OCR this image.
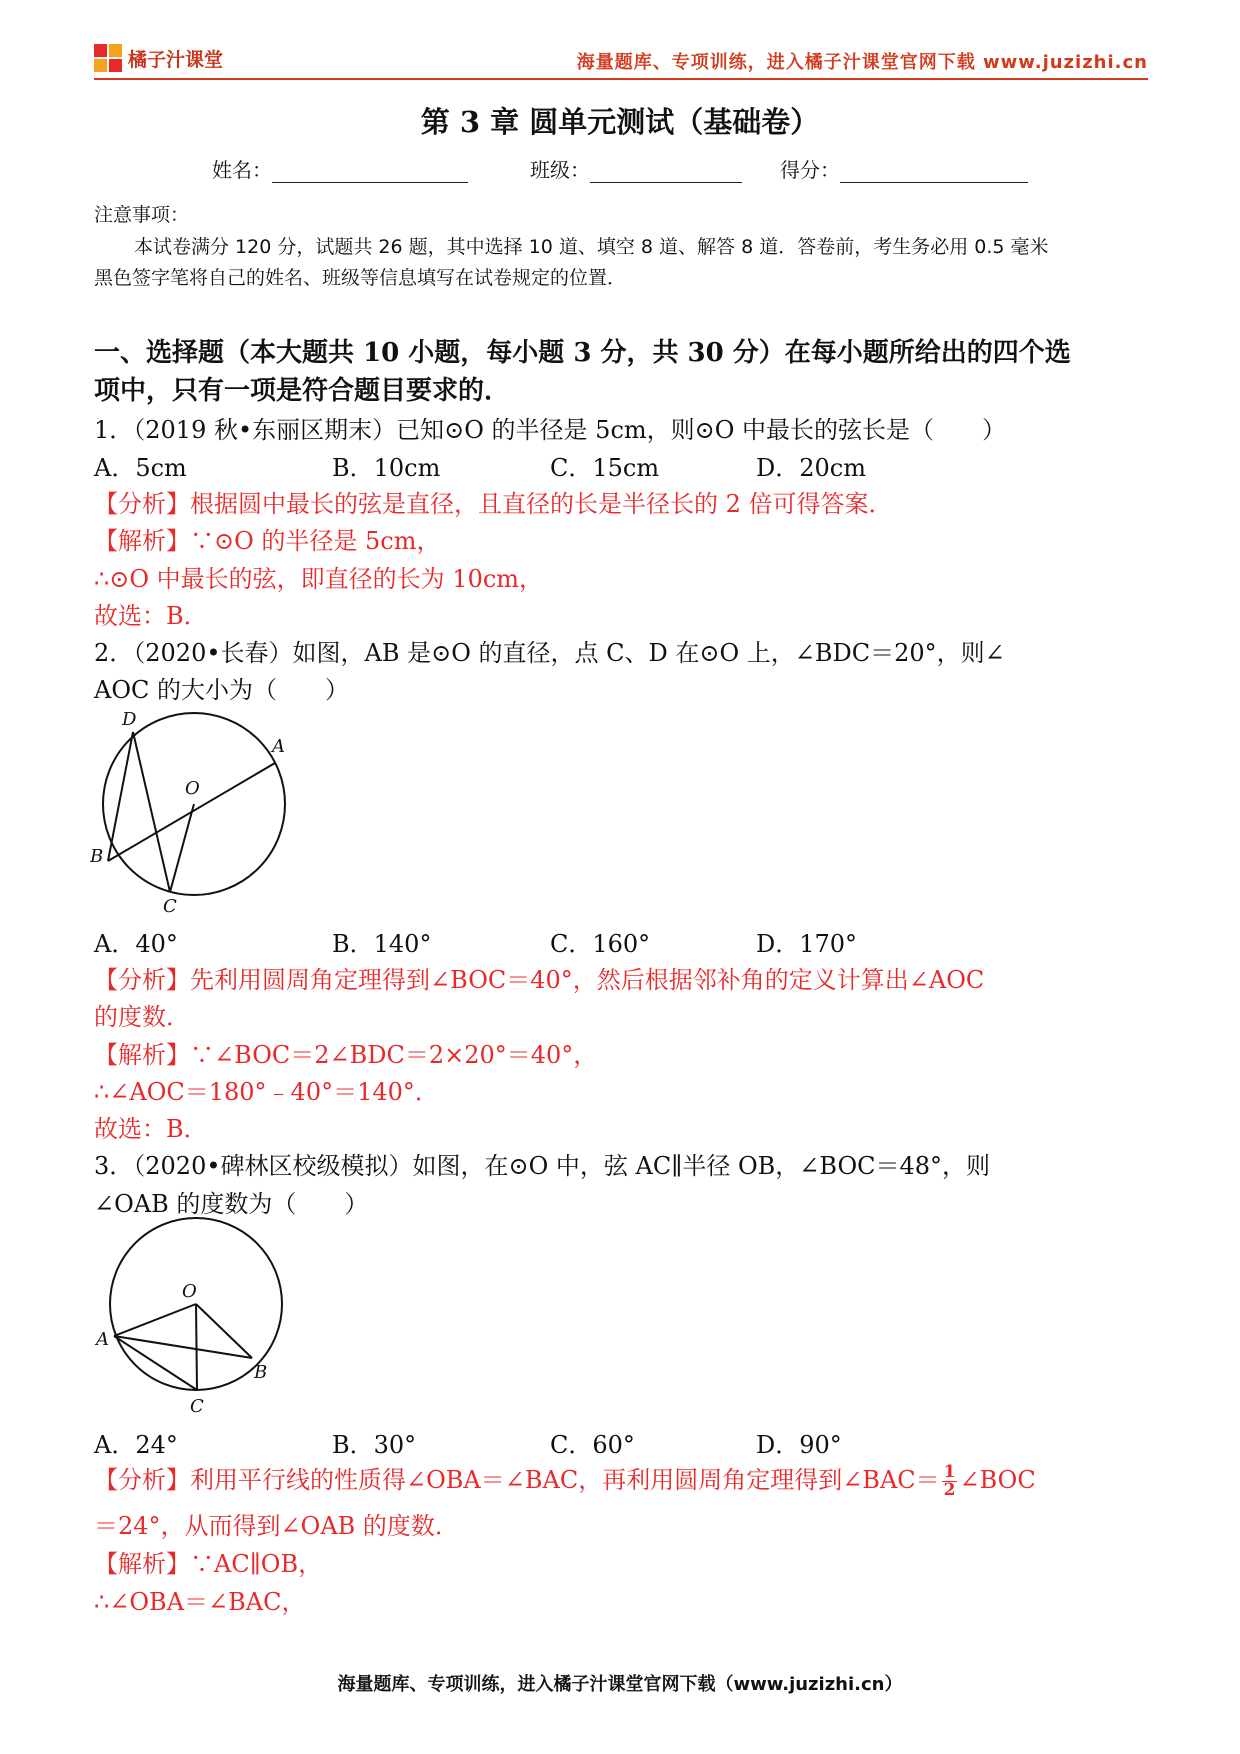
橘子汁课堂	海量题库、专项训练，进入橘子汁课堂官网下载 www.juzizhi.cn
第 3 章 圆单元测试（基础卷）
姓名：	班级：	得分：
注意事项：
本试卷满分 120 分，试题共 26 题，其中选择 10 道、填空 8 道、解答 8 道．答卷前，考生务必用 0.5 毫米
黑色签字笔将自己的姓名、班级等信息填写在试卷规定的位置．
一、选择题（本大题共 10 小题，每小题 3 分，共 30 分）在每小题所给出的四个选
项中，只有一项是符合题目要求的．
1．（2019 秋•东丽区期末）已知⊙O 的半径是 5cm，则⊙O 中最长的弦长是（　　）
A．5cm	B．10cm	C．15cm	D．20cm
【分析】根据圆中最长的弦是直径，且直径的长是半径长的 2 倍可得答案．
【解析】∵⊙O 的半径是 5cm，
∴⊙O 中最长的弦，即直径的长为 10cm，
故选：B．
2．（2020•长春）如图，AB 是⊙O 的直径，点 C、D 在⊙O 上，∠BDC＝20°，则∠
AOC 的大小为（　　）
D
A
O
B
C
A．40°	B．140°	C．160°	D．170°
【分析】先利用圆周角定理得到∠BOC＝40°，然后根据邻补角的定义计算出∠AOC
的度数．
【解析】∵∠BOC＝2∠BDC＝2×20°＝40°，
∴∠AOC＝180°﹣40°＝140°．
故选：B．
3．（2020•碑林区校级模拟）如图，在⊙O 中，弦 AC∥半径 OB，∠BOC＝48°，则
∠OAB 的度数为（　　）
O
A
B
C
A．24°	B．30°	C．60°	D．90°
【分析】利用平行线的性质得∠OBA＝∠BAC，再利用圆周角定理得到∠BAC＝ $\frac{1}{2}$ ∠BOC
＝24°，从而得到∠OAB 的度数．
【解析】∵AC∥OB，
∴∠OBA＝∠BAC，
海量题库、专项训练，进入橘子汁课堂官网下载（www.juzizhi.cn）
